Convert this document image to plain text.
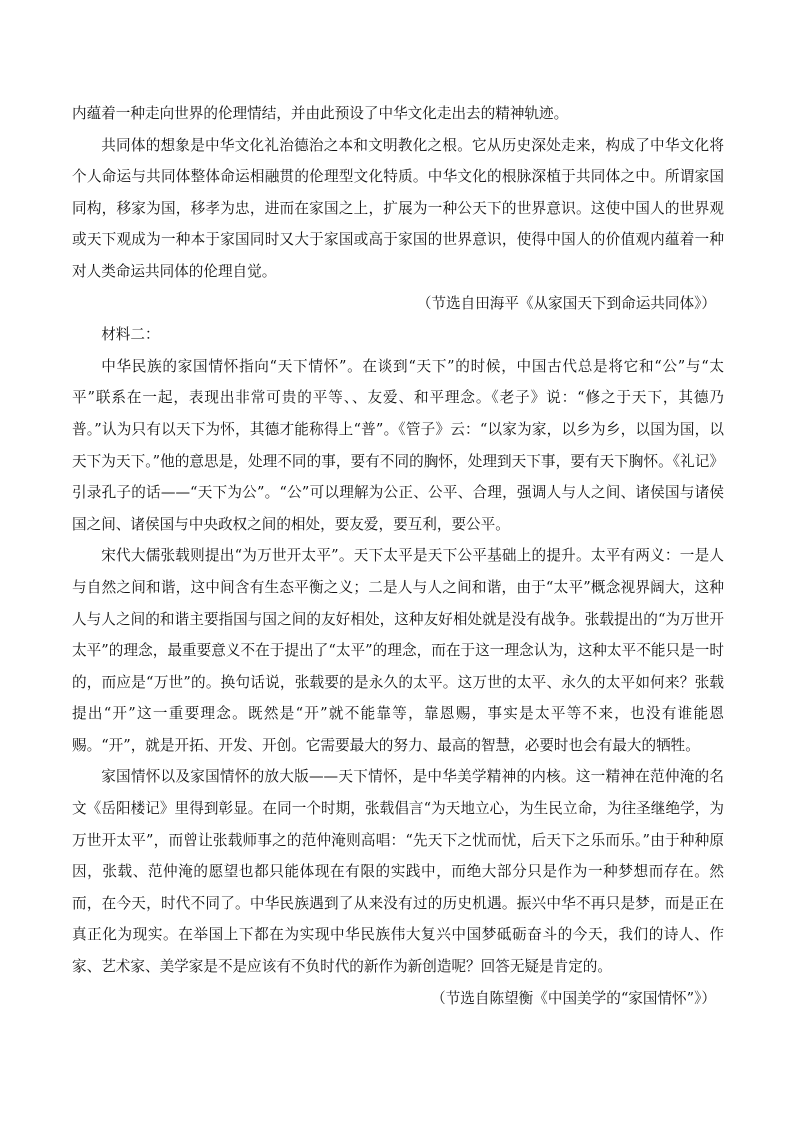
内蕴着一种走向世界的伦理情结，并由此预设了中华文化走出去的精神轨迹。

共同体的想象是中华文化礼治德治之本和文明教化之根。它从历史深处走来，构成了中华文化将个人命运与共同体整体命运相融贯的伦理型文化特质。中华文化的根脉深植于共同体之中。所谓家国同构，移家为国，移孝为忠，进而在家国之上，扩展为一种公天下的世界意识。这使中国人的世界观或天下观成为一种本于家国同时又大于家国或高于家国的世界意识，使得中国人的价值观内蕴着一种对人类命运共同体的伦理自觉。

（节选自田海平《从家国天下到命运共同体》）

材料二：

中华民族的家国情怀指向“天下情怀”。在谈到“天下”的时候，中国古代总是将它和“公”与“太平”联系在一起，表现出非常可贵的平等、、友爱、和平理念。《老子》说：“修之于天下，其德乃普。”认为只有以天下为怀，其德才能称得上“普”。《管子》云：“以家为家，以乡为乡，以国为国，以天下为天下。”他的意思是，处理不同的事，要有不同的胸怀，处理到天下事，要有天下胸怀。《礼记》引录孔子的话——“天下为公”。“公”可以理解为公正、公平、合理，强调人与人之间、诸侯国与诸侯国之间、诸侯国与中央政权之间的相处，要友爱，要互利，要公平。

宋代大儒张载则提出“为万世开太平”。天下太平是天下公平基础上的提升。太平有两义：一是人与自然之间和谐，这中间含有生态平衡之义；二是人与人之间和谐，由于“太平”概念视界阔大，这种人与人之间的和谐主要指国与国之间的友好相处，这种友好相处就是没有战争。张载提出的“为万世开太平”的理念，最重要意义不在于提出了“太平”的理念，而在于这一理念认为，这种太平不能只是一时的，而应是“万世”的。换句话说，张载要的是永久的太平。这万世的太平、永久的太平如何来？张载提出“开”这一重要理念。既然是“开”就不能靠等，靠恩赐，事实是太平等不来，也没有谁能恩赐。“开”，就是开拓、开发、开创。它需要最大的努力、最高的智慧，必要时也会有最大的牺牲。

家国情怀以及家国情怀的放大版——天下情怀，是中华美学精神的内核。这一精神在范仲淹的名文《岳阳楼记》里得到彰显。在同一个时期，张载倡言“为天地立心，为生民立命，为往圣继绝学，为万世开太平”，而曾让张载师事之的范仲淹则高唱：“先天下之忧而忧，后天下之乐而乐。”由于种种原因，张载、范仲淹的愿望也都只能体现在有限的实践中，而绝大部分只是作为一种梦想而存在。然而，在今天，时代不同了。中华民族遇到了从来没有过的历史机遇。振兴中华不再只是梦，而是正在真正化为现实。在举国上下都在为实现中华民族伟大复兴中国梦砥砺奋斗的今天，我们的诗人、作家、艺术家、美学家是不是应该有不负时代的新作为新创造呢？回答无疑是肯定的。

（节选自陈望衡《中国美学的“家国情怀”》）
